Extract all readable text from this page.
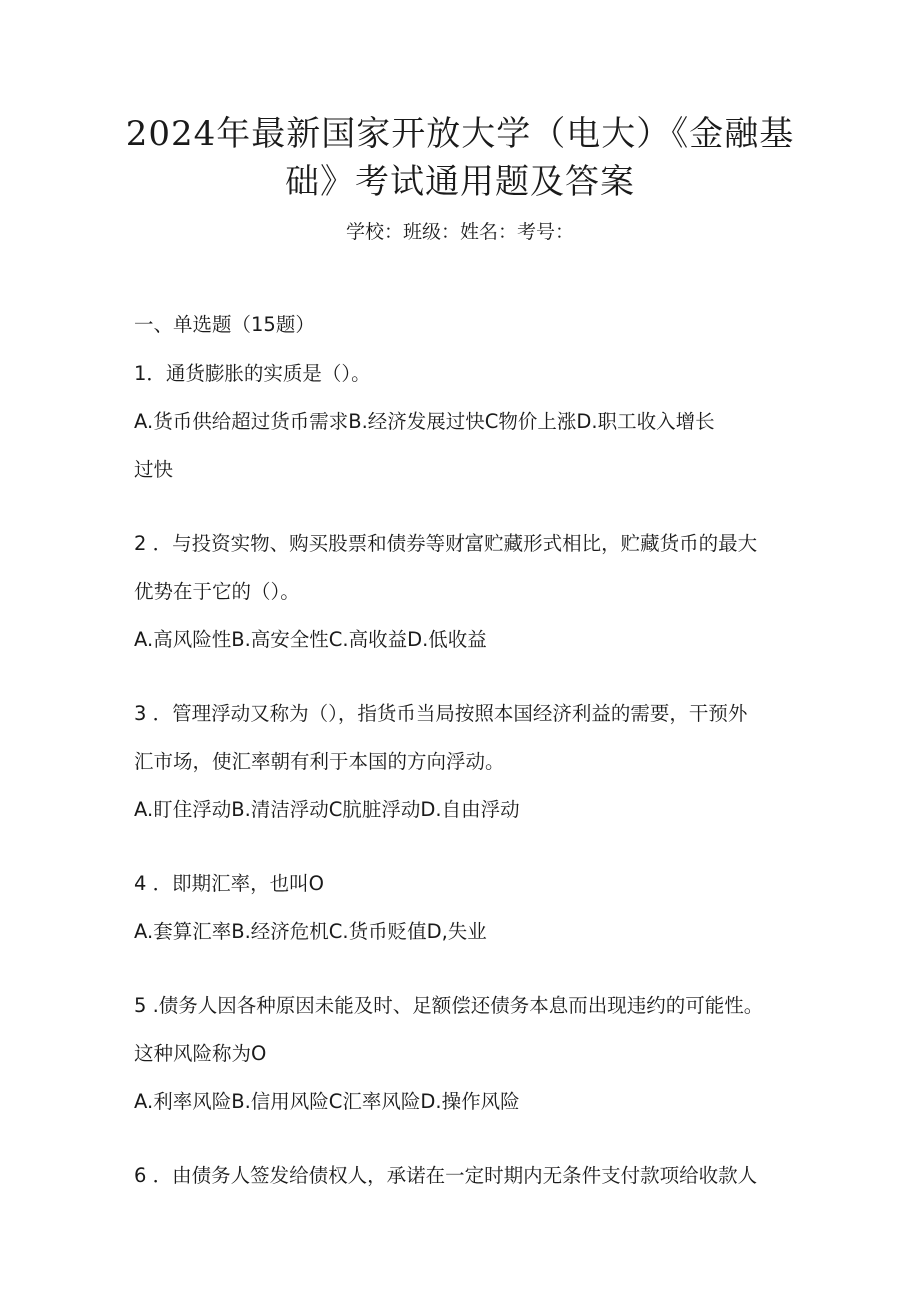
2024年最新国家开放大学（电大）《金融基
础》考试通用题及答案
学校：班级：姓名：考号：
一、单选题（15题）
1．通货膨胀的实质是（）。
A.货币供给超过货币需求B.经济发展过快C物价上涨D.职工收入增长
过快
2 ．与投资实物、购买股票和债券等财富贮藏形式相比，贮藏货币的最大
优势在于它的（）。
A.高风险性B.高安全性C.高收益D.低收益
3 ．管理浮动又称为（），指货币当局按照本国经济利益的需要，干预外
汇市场，使汇率朝有利于本国的方向浮动。
A.盯住浮动B.清洁浮动C肮脏浮动D.自由浮动
4 ．即期汇率，也叫O
A.套算汇率B.经济危机C.货币贬值D,失业
5 .债务人因各种原因未能及时、足额偿还债务本息而出现违约的可能性。
这种风险称为O
A.利率风险B.信用风险C汇率风险D.操作风险
6 ．由债务人签发给债权人，承诺在一定时期内无条件支付款项给收款人
